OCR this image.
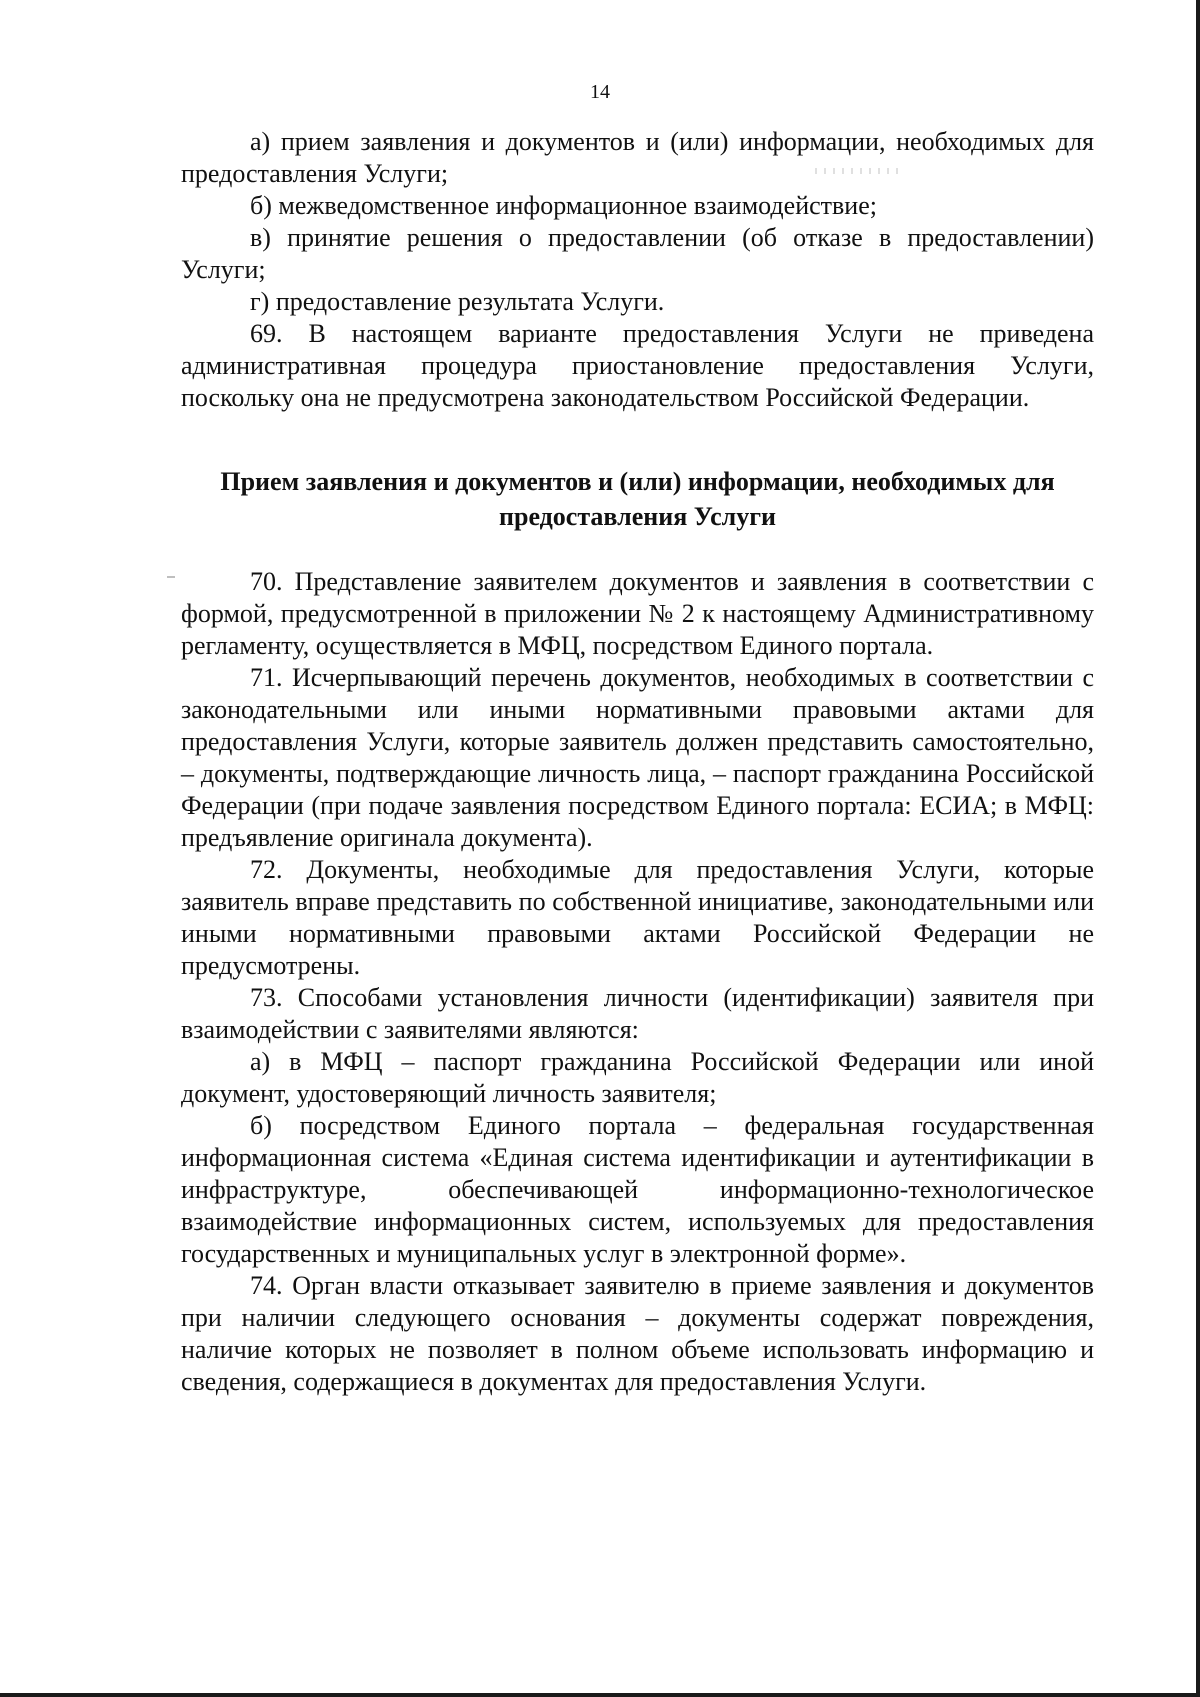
14

а) прием заявления и документов и (или) информации, необходимых для предоставления Услуги;

б) межведомственное информационное взаимодействие;

в) принятие решения о предоставлении (об отказе в предоставлении) Услуги;

г) предоставление результата Услуги.

69. В настоящем варианте предоставления Услуги не приведена административная процедура приостановление предоставления Услуги, поскольку она не предусмотрена законодательством Российской Федерации.

Прием заявления и документов и (или) информации, необходимых для предоставления Услуги

70. Представление заявителем документов и заявления в соответствии с формой, предусмотренной в приложении № 2 к настоящему Административному регламенту, осуществляется в МФЦ, посредством Единого портала.

71. Исчерпывающий перечень документов, необходимых в соответствии с законодательными или иными нормативными правовыми актами для предоставления Услуги, которые заявитель должен представить самостоятельно, – документы, подтверждающие личность лица, – паспорт гражданина Российской Федерации (при подаче заявления посредством Единого портала: ЕСИА; в МФЦ: предъявление оригинала документа).

72. Документы, необходимые для предоставления Услуги, которые заявитель вправе представить по собственной инициативе, законодательными или иными нормативными правовыми актами Российской Федерации не предусмотрены.

73. Способами установления личности (идентификации) заявителя при взаимодействии с заявителями являются:

а) в МФЦ – паспорт гражданина Российской Федерации или иной документ, удостоверяющий личность заявителя;

б) посредством Единого портала – федеральная государственная информационная система «Единая система идентификации и аутентификации в инфраструктуре, обеспечивающей информационно-технологическое взаимодействие информационных систем, используемых для предоставления государственных и муниципальных услуг в электронной форме».

74. Орган власти отказывает заявителю в приеме заявления и документов при наличии следующего основания – документы содержат повреждения, наличие которых не позволяет в полном объеме использовать информацию и сведения, содержащиеся в документах для предоставления Услуги.
